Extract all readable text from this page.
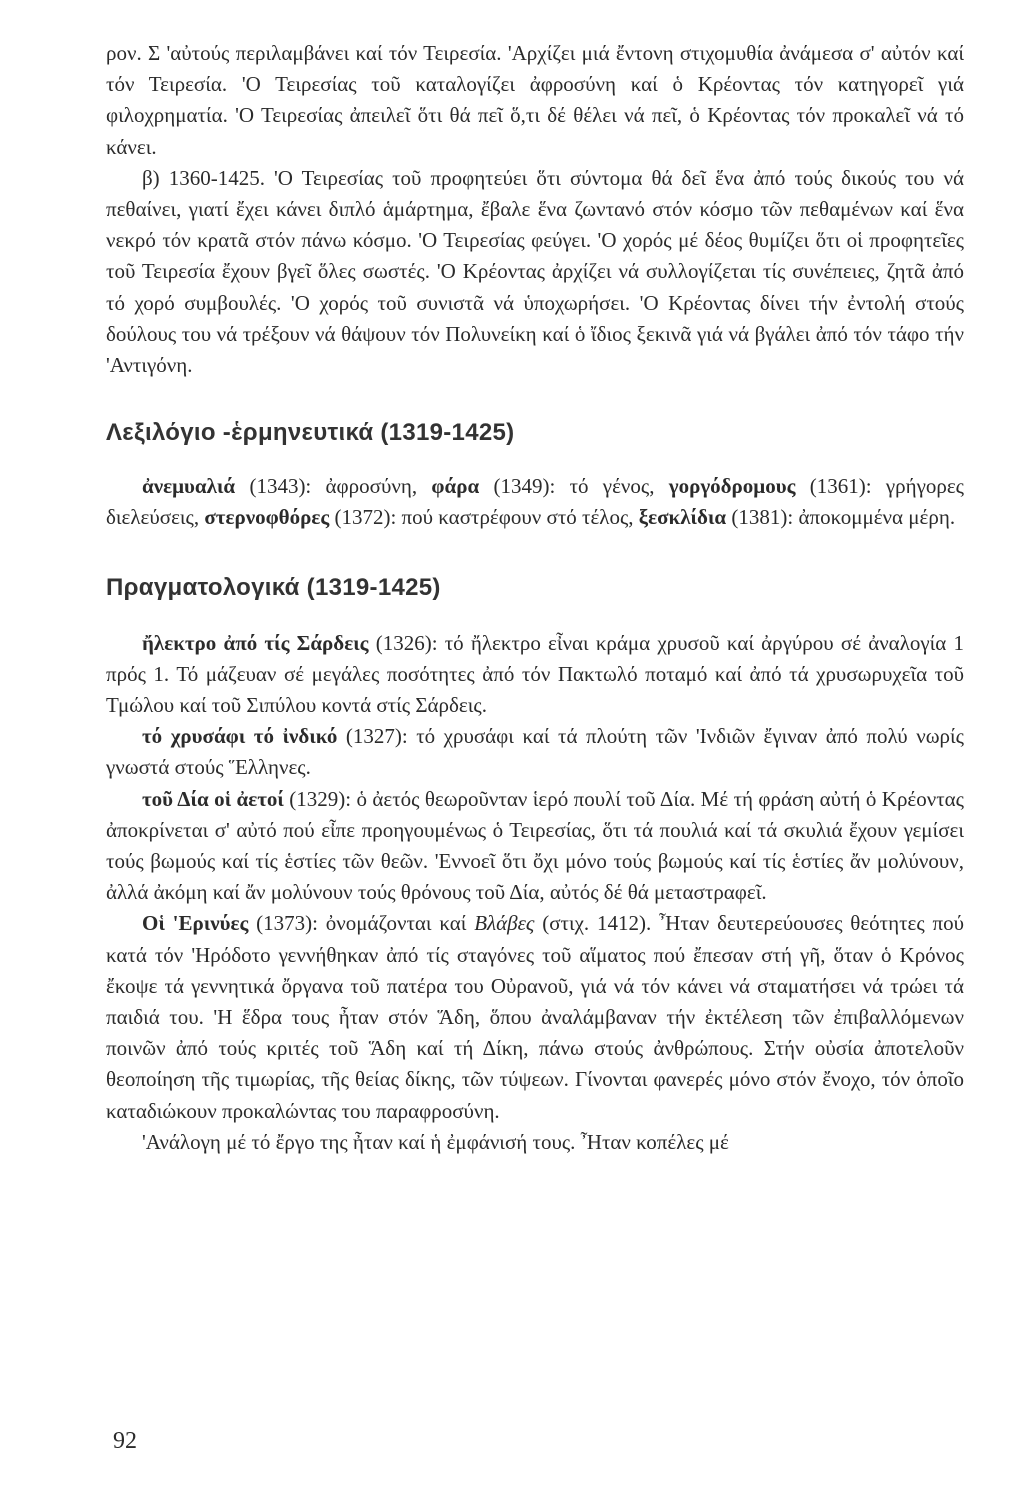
ρον. Σ 'αὐτούς περιλαμβάνει καί τόν Τειρεσία. 'Αρχίζει μιά ἔντονη στιχομυθία ἀνάμεσα σ' αὐτόν καί τόν Τειρεσία. 'Ο Τειρεσίας τοῦ καταλογίζει ἀφροσύνη καί ὁ Κρέοντας τόν κατηγορεῖ γιά φιλοχρηματία. 'Ο Τειρεσίας ἀπειλεῖ ὅτι θά πεῖ ὅ,τι δέ θέλει νά πεῖ, ὁ Κρέοντας τόν προκαλεῖ νά τό κάνει.

β) 1360-1425. 'Ο Τειρεσίας τοῦ προφητεύει ὅτι σύντομα θά δεῖ ἕνα ἀπό τούς δικούς του νά πεθαίνει, γιατί ἔχει κάνει διπλό ἁμάρτημα, ἔβαλε ἕνα ζωντανό στόν κόσμο τῶν πεθαμένων καί ἕνα νεκρό τόν κρατᾶ στόν πάνω κόσμο. 'Ο Τειρεσίας φεύγει. 'Ο χορός μέ δέος θυμίζει ὅτι οἱ προφητεῖες τοῦ Τειρεσία ἔχουν βγεῖ ὅλες σωστές. 'Ο Κρέοντας ἀρχίζει νά συλλογίζεται τίς συνέπειες, ζητᾶ ἀπό τό χορό συμβουλές. 'Ο χορός τοῦ συνιστᾶ νά ὑποχωρήσει. 'Ο Κρέοντας δίνει τήν ἐντολή στούς δούλους του νά τρέξουν νά θάψουν τόν Πολυνείκη καί ὁ ἴδιος ξεκινᾶ γιά νά βγάλει ἀπό τόν τάφο τήν 'Αντιγόνη.

Λεξιλόγιο -ἑρμηνευτικά (1319-1425)

ἀνεμυαλιά (1343): ἀφροσύνη, φάρα (1349): τό γένος, γοργόδρομους (1361): γρήγορες διελεύσεις, στερνοφθόρες (1372): πού καστρέφουν στό τέλος, ξεσκλίδια (1381): ἀποκομμένα μέρη.

Πραγματολογικά (1319-1425)

ἤλεκτρο ἀπό τίς Σάρδεις (1326): τό ἤλεκτρο εἶναι κράμα χρυσοῦ καί ἀργύρου σέ ἀναλογία 1 πρός 1. Τό μάζευαν σέ μεγάλες ποσότητες ἀπό τόν Πακτωλό ποταμό καί ἀπό τά χρυσωρυχεῖα τοῦ Τμώλου καί τοῦ Σιπύλου κοντά στίς Σάρδεις.

τό χρυσάφι τό ἰνδικό (1327): τό χρυσάφι καί τά πλούτη τῶν 'Ινδιῶν ἔγιναν ἀπό πολύ νωρίς γνωστά στούς Ἕλληνες.

τοῦ Δία οἱ ἀετοί (1329): ὁ ἀετός θεωροῦνταν ἱερό πουλί τοῦ Δία. Μέ τή φράση αὐτή ὁ Κρέοντας ἀποκρίνεται σ' αὐτό πού εἶπε προηγουμένως ὁ Τειρεσίας, ὅτι τά πουλιά καί τά σκυλιά ἔχουν γεμίσει τούς βωμούς καί τίς ἑστίες τῶν θεῶν. 'Εννοεῖ ὅτι ὄχι μόνο τούς βωμούς καί τίς ἑστίες ἄν μολύνουν, ἀλλά ἀκόμη καί ἄν μολύνουν τούς θρόνους τοῦ Δία, αὐτός δέ θά μεταστραφεῖ.

Οἱ 'Ερινύες (1373): ὀνομάζονται καί Βλάβες (στιχ. 1412). Ἦταν δευτερεύουσες θεότητες πού κατά τόν 'Ηρόδοτο γεννήθηκαν ἀπό τίς σταγόνες τοῦ αἵματος πού ἔπεσαν στή γῆ, ὅταν ὁ Κρόνος ἔκοψε τά γεννητικά ὄργανα τοῦ πατέρα του Οὐρανοῦ, γιά νά τόν κάνει νά σταματήσει νά τρώει τά παιδιά του. 'Η ἕδρα τους ἦταν στόν Ἅδη, ὅπου ἀναλάμβαναν τήν ἐκτέλεση τῶν ἐπιβαλλόμενων ποινῶν ἀπό τούς κριτές τοῦ Ἅδη καί τή Δίκη, πάνω στούς ἀνθρώπους. Στήν οὐσία ἀποτελοῦν θεοποίηση τῆς τιμωρίας, τῆς θείας δίκης, τῶν τύψεων. Γίνονται φανερές μόνο στόν ἔνοχο, τόν ὁποῖο καταδιώκουν προκαλώντας του παραφροσύνη.

'Ανάλογη μέ τό ἔργο της ἦταν καί ἡ ἐμφάνισή τους. Ἦταν κοπέλες μέ

92
